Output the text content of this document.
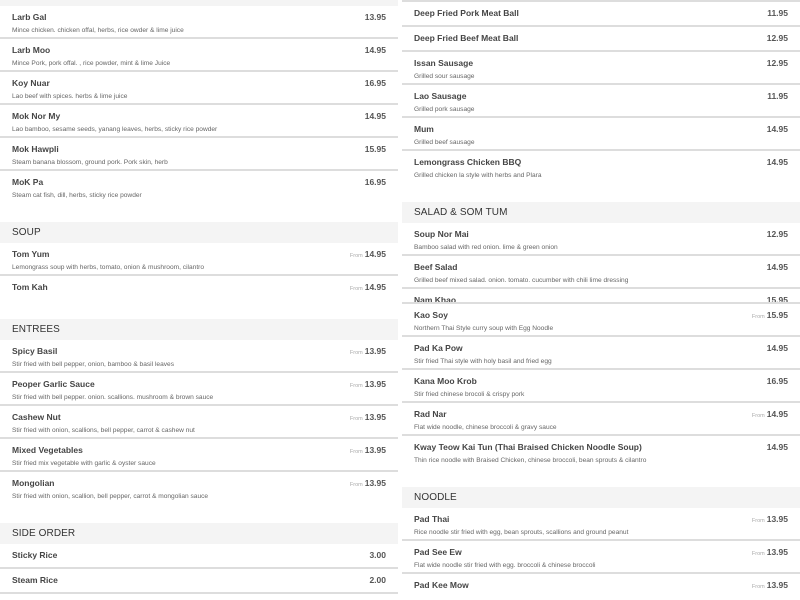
Larb Gal
Mince chicken. chicken offal, herbs, rice owder & lime juice
13.95
Larb Moo
Mince Pork, pork offal. , rice powder, mint & lime Juice
14.95
Koy Nuar
Lao beef with spices. herbs & lime juice
16.95
Mok Nor My
Lao bamboo, sesame seeds, yanang leaves, herbs, sticky rice powder
14.95
Mok Hawpli
Steam banana blossom, ground pork. Pork skin, herb
15.95
MoK Pa
Steam cat fish, dill, herbs, sticky rice powder
16.95
SOUP
Tom Yum
Lemongrass soup with herbs, tomato, onion & mushroom, cilantro
From 14.95
Tom Kah	From 14.95
ENTREES
Spicy Basil
Stir fried with bell pepper, onion, bamboo & basil leaves
From 13.95
Peoper Garlic Sauce
Stir fried with bell pepper. onion. scallions. mushroom & brown sauce
From 13.95
Cashew Nut
Stir fried with onion, scallions, bell pepper, carrot & cashew nut
From 13.95
Mixed Vegetables
Stir fried mix vegetable with garlic & oyster sauce
From 13.95
Mongolian
Stir fried with onion, scallion, bell pepper, carrot & mongolian sauce
From 13.95
SIDE ORDER
Sticky Rice	3.00
Steam Rice	2.00
Deep Fried Pork Meat Ball	11.95
Deep Fried Beef Meat Ball	12.95
Issan Sausage
Grilled sour sausage
12.95
Lao Sausage
Grilled pork sausage
11.95
Mum
Grilled beef sausage
14.95
Lemongrass Chicken BBQ
Grilled chicken la style with herbs and Plara
14.95
SALAD & SOM TUM
Soup Nor Mai
Bamboo salad with red onion. lime & green onion
12.95
Beef Salad
Grilled beef mixed salad. onion. tomato. cucumber with chili lime dressing
14.95
Nam Khao	15.95
Kao Soy
Northern Thai Style curry soup with Egg Noodle
From 15.95
Pad Ka Pow
Stir fried Thai style with holy basil and fried egg
14.95
Kana Moo Krob
Stir fried chinese brocoli & crispy pork
16.95
Rad Nar
Flat wide noodle, chinese broccoli & gravy sauce
From 14.95
Kway Teow Kai Tun (Thai Braised Chicken Noodle Soup)
Thin rice noodle with Braised Chicken, chinese broccoli, bean sprouts & cilantro
14.95
NOODLE
Pad Thai
Rice noodle stir fried with egg, bean sprouts, scallions and ground peanut
From 13.95
Pad See Ew
Flat wide noodle stir fried with egg. broccoli & chinese broccoli
From 13.95
Pad Kee Mow	From 13.95
